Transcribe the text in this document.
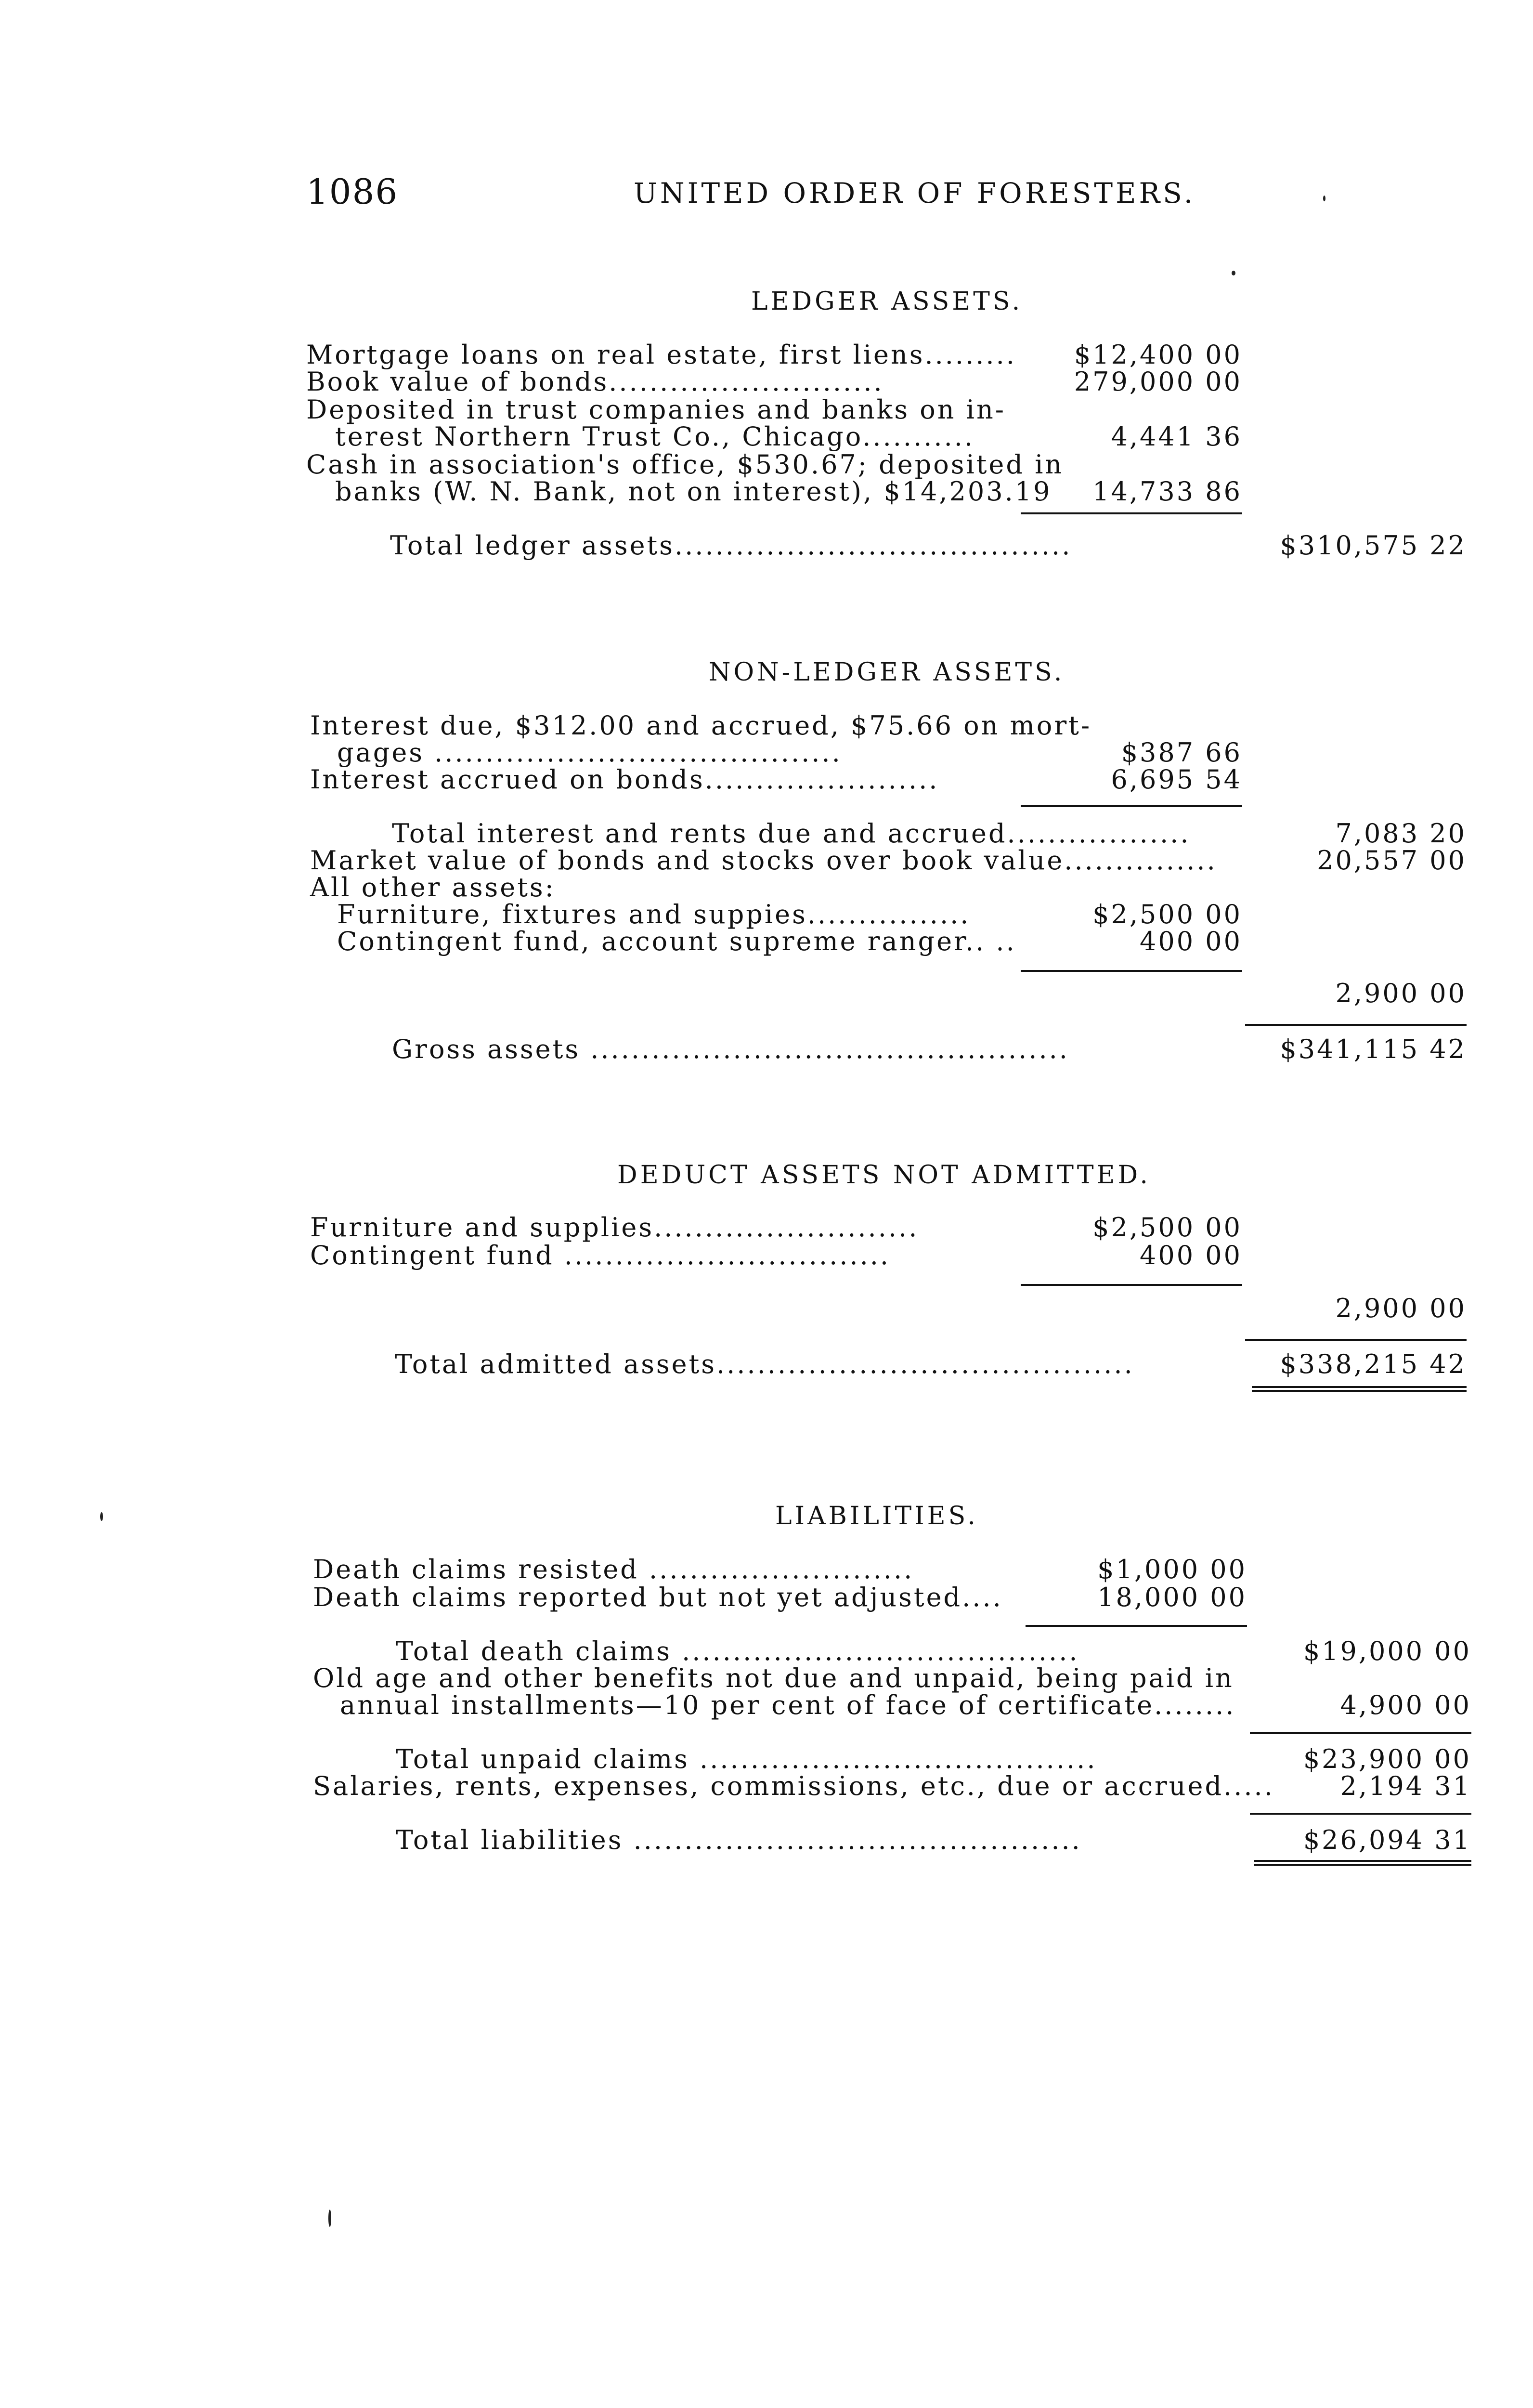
1086	UNITED ORDER OF FORESTERS.
LEDGER ASSETS.
Mortgage loans on real estate, first liens.........	$12,400 00
Book value of bonds...........................	279,000 00
Deposited in trust companies and banks on in-
terest Northern Trust Co., Chicago...........	4,441 36
Cash in association's office, $530.67; deposited in
banks (W. N. Bank, not on interest), $14,203.19	14,733 86
Total ledger assets.......................................	$310,575 22
NON-LEDGER ASSETS.
Interest due, $312.00 and accrued, $75.66 on mort-
gages ........................................	$387 66
Interest accrued on bonds.......................	6,695 54
Total interest and rents due and accrued..................	7,083 20
Market value of bonds and stocks over book value...............	20,557 00
All other assets:
Furniture, fixtures and suppies................	$2,500 00
Contingent fund, account supreme ranger.. ..	400 00
2,900 00
Gross assets ...............................................	$341,115 42
DEDUCT ASSETS NOT ADMITTED.
Furniture and supplies..........................	$2,500 00
Contingent fund ................................	400 00
2,900 00
Total admitted assets.........................................	$338,215 42
LIABILITIES.
Death claims resisted ..........................	$1,000 00
Death claims reported but not yet adjusted....	18,000 00
Total death claims .......................................	$19,000 00
Old age and other benefits not due and unpaid, being paid in
annual installments—10 per cent of face of certificate........	4,900 00
Total unpaid claims .......................................	$23,900 00
Salaries, rents, expenses, commissions, etc., due or accrued.....	2,194 31
Total liabilities ............................................	$26,094 31
